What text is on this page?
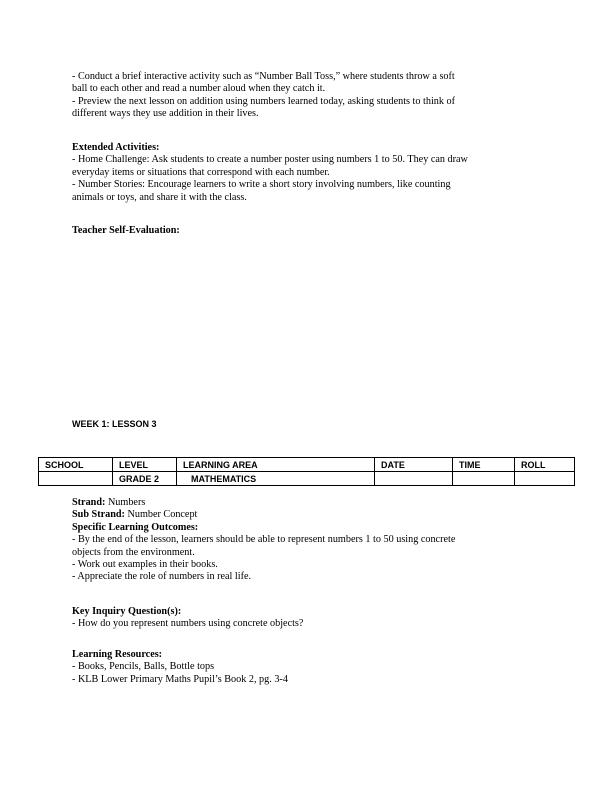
- Conduct a brief interactive activity such as “Number Ball Toss,” where students throw a soft
ball to each other and read a number aloud when they catch it.
- Preview the next lesson on addition using numbers learned today, asking students to think of
different ways they use addition in their lives.
Extended Activities:
- Home Challenge: Ask students to create a number poster using numbers 1 to 50. They can draw
everyday items or situations that correspond with each number.
- Number Stories: Encourage learners to write a short story involving numbers, like counting
animals or toys, and share it with the class.
Teacher Self-Evaluation:
WEEK 1: LESSON 3
SCHOOL	LEVEL	LEARNING AREA	DATE	TIME	ROLL
	GRADE 2	MATHEMATICS			
Strand: Numbers
Sub Strand: Number Concept
Specific Learning Outcomes:
- By the end of the lesson, learners should be able to represent numbers 1 to 50 using concrete
objects from the environment.
- Work out examples in their books.
- Appreciate the role of numbers in real life.
Key Inquiry Question(s):
- How do you represent numbers using concrete objects?
Learning Resources:
- Books, Pencils, Balls, Bottle tops
- KLB Lower Primary Maths Pupil’s Book 2, pg. 3-4
